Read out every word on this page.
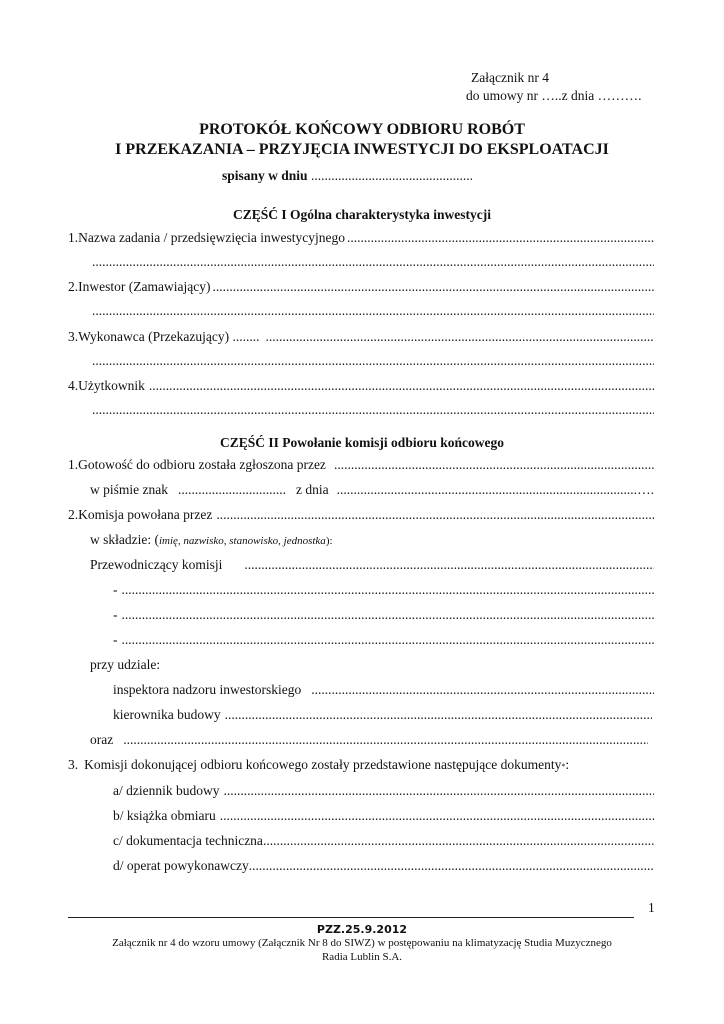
Załącznik nr 4
do umowy nr …..z dnia ……….
PROTOKÓŁ KOŃCOWY ODBIORU ROBÓT
I PRZEKAZANIA – PRZYJĘCIA INWESTYCJI DO EKSPLOATACJI
spisany w dniu ................................................
CZĘŚĆ I Ogólna charakterystyka inwestycji
1. Nazwa zadania / przedsięwzięcia inwestycyjnego
.....
.....
2. Inwestor (Zamawiający)
.....
.....
3. Wykonawca (Przekazujący) ........
.....
.....
4. Użytkownik
.....
.....
CZĘŚĆ II Powołanie komisji odbioru końcowego
1. Gotowość do odbioru została zgłoszona przez
.....
w piśmie znak ................................ z dnia
.....	….
2. Komisja powołana przez
.....
w składzie: ( imię, nazwisko, stanowisko, jednostka ):
Przewodniczący komisji
.....
-
.....
-
.....
-
.....
przy udziale:
inspektora nadzoru inwestorskiego
.....
kierownika budowy
.....
oraz
.....
3. Komisji dokonującej odbioru końcowego zostały przedstawione następujące dokumenty * :
a/ dziennik budowy
.....
b/ książka obmiaru
.....
c/ dokumentacja techniczna
.....
d/ operat powykonawczy
.....
1
PZZ.25.9.2012
Załącznik nr 4 do wzoru umowy (Załącznik Nr 8 do SIWZ) w postępowaniu na klimatyzację Studia Muzycznego
Radia Lublin S.A.
